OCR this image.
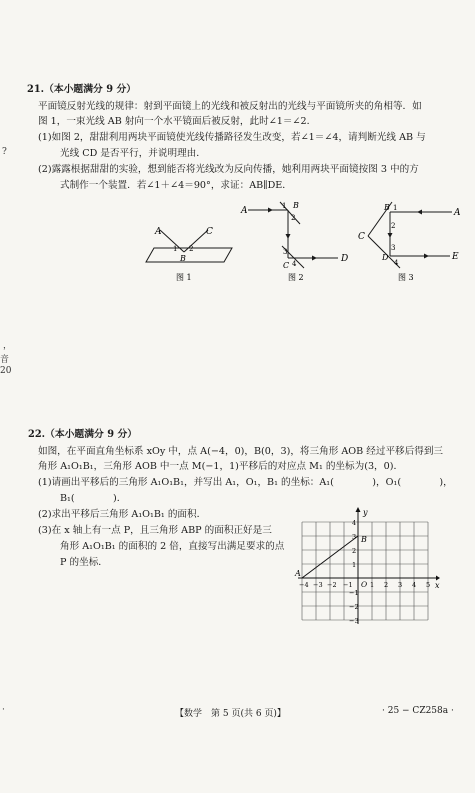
?
，
音
20
21.（本小题满分 9 分）
平面镜反射光线的规律：射到平面镜上的光线和被反射出的光线与平面镜所夹的角相等．如
图 1，一束光线 AB 射向一个水平镜面后被反射，此时∠1＝∠2．
(1)如图 2，甜甜利用两块平面镜使光线传播路径发生改变，若∠1＝∠4，请判断光线 AB 与
光线 CD 是否平行，并说明理由．
(2)露露根据甜甜的实验，想到能否将光线改为反向传播，她利用两块平面镜按图 3 中的方
式制作一个装置．若∠1＋∠4＝90°，求证：AB∥DE．
A	C
B
1 2
图 1
A
B
C
D
1
2
3
4
图 2
A
B
C
D	E
1
2
3
4
图 3
22.（本小题满分 9 分）
如图，在平面直角坐标系 xOy 中，点 A(−4，0)，B(0，3)，将三角形 AOB 经过平移后得到三
角形 A₁O₁B₁，三角形 AOB 中一点 M(−1，1)平移后的对应点 M₁ 的坐标为(3，0)．
(1)请画出平移后的三角形 A₁O₁B₁，并写出 A₁，O₁，B₁ 的坐标：A₁(　　　　)，O₁(　　　　)，
B₁(　　　　)．
(2)求出平移后三角形 A₁O₁B₁ 的面积．
(3)在 x 轴上有一点 P，且三角形 ABP 的面积正好是三
角形 A₁O₁B₁ 的面积的 2 倍，直接写出满足要求的点
P 的坐标．
y
x
O
A
B
−4 −3 −2 −1	1 2 3 4 5
4
3
2
1
−1
−2
−3
·	【数学　第 5 页(共 6 页)】	· 25 − CZ258a ·
